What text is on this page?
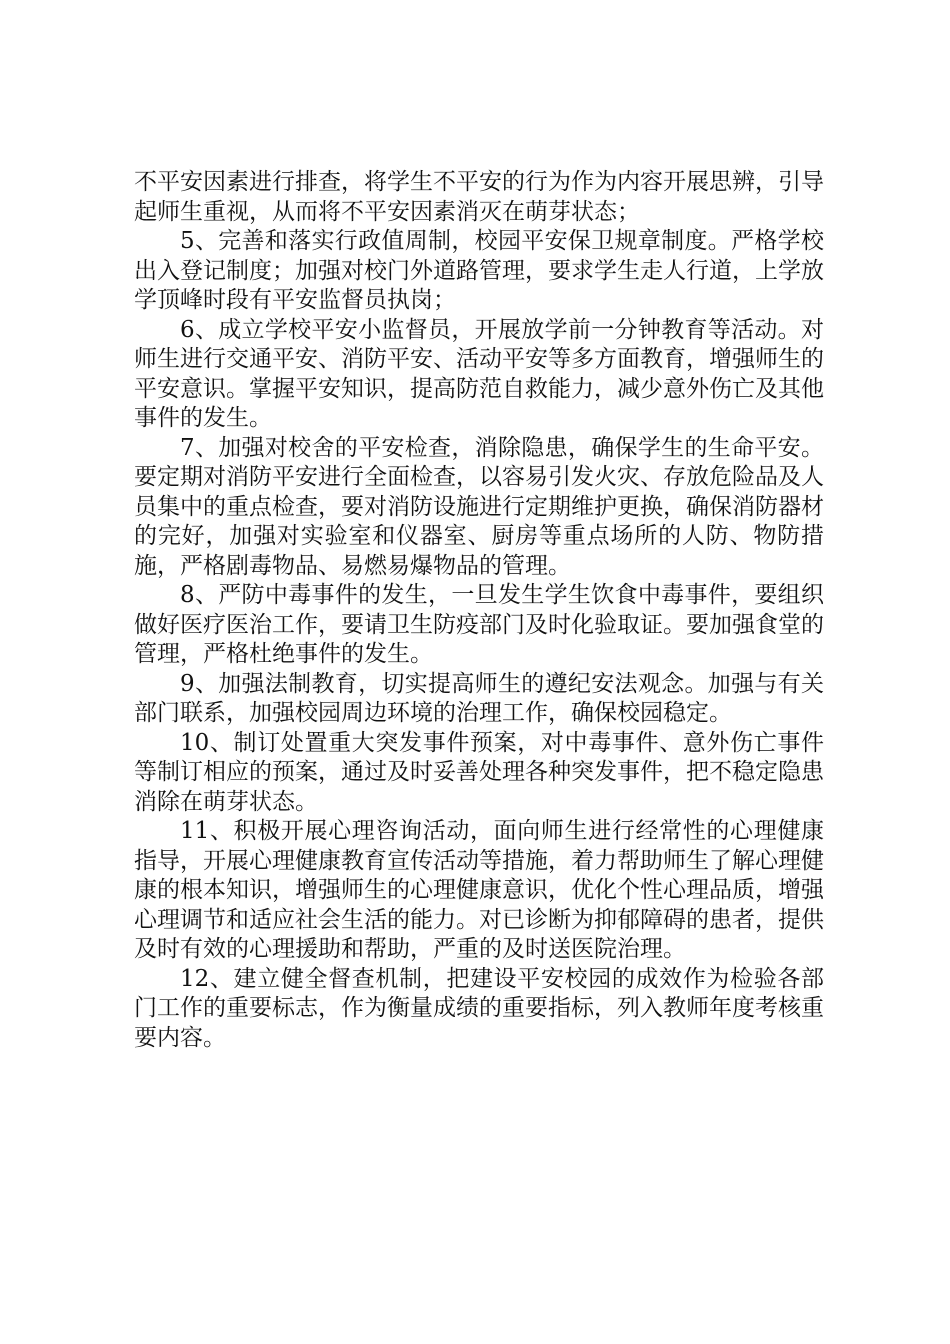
不平安因素进行排查，将学生不平安的行为作为内容开展思辨，引导起师生重视，从而将不平安因素消灭在萌芽状态；

5、完善和落实行政值周制，校园平安保卫规章制度。严格学校出入登记制度；加强对校门外道路管理，要求学生走人行道，上学放学顶峰时段有平安监督员执岗；

6、成立学校平安小监督员，开展放学前一分钟教育等活动。对师生进行交通平安、消防平安、活动平安等多方面教育，增强师生的平安意识。掌握平安知识，提高防范自救能力，减少意外伤亡及其他事件的发生。

7、加强对校舍的平安检查，消除隐患，确保学生的生命平安。要定期对消防平安进行全面检查，以容易引发火灾、存放危险品及人员集中的重点检查，要对消防设施进行定期维护更换，确保消防器材的完好，加强对实验室和仪器室、厨房等重点场所的人防、物防措施，严格剧毒物品、易燃易爆物品的管理。

8、严防中毒事件的发生，一旦发生学生饮食中毒事件，要组织做好医疗医治工作，要请卫生防疫部门及时化验取证。要加强食堂的管理，严格杜绝事件的发生。

9、加强法制教育，切实提高师生的遵纪安法观念。加强与有关部门联系，加强校园周边环境的治理工作，确保校园稳定。

10、制订处置重大突发事件预案，对中毒事件、意外伤亡事件等制订相应的预案，通过及时妥善处理各种突发事件，把不稳定隐患消除在萌芽状态。

11、积极开展心理咨询活动，面向师生进行经常性的心理健康指导，开展心理健康教育宣传活动等措施，着力帮助师生了解心理健康的根本知识，增强师生的心理健康意识，优化个性心理品质，增强心理调节和适应社会生活的能力。对已诊断为抑郁障碍的患者，提供及时有效的心理援助和帮助，严重的及时送医院治理。

12、建立健全督查机制，把建设平安校园的成效作为检验各部门工作的重要标志，作为衡量成绩的重要指标，列入教师年度考核重要内容。
